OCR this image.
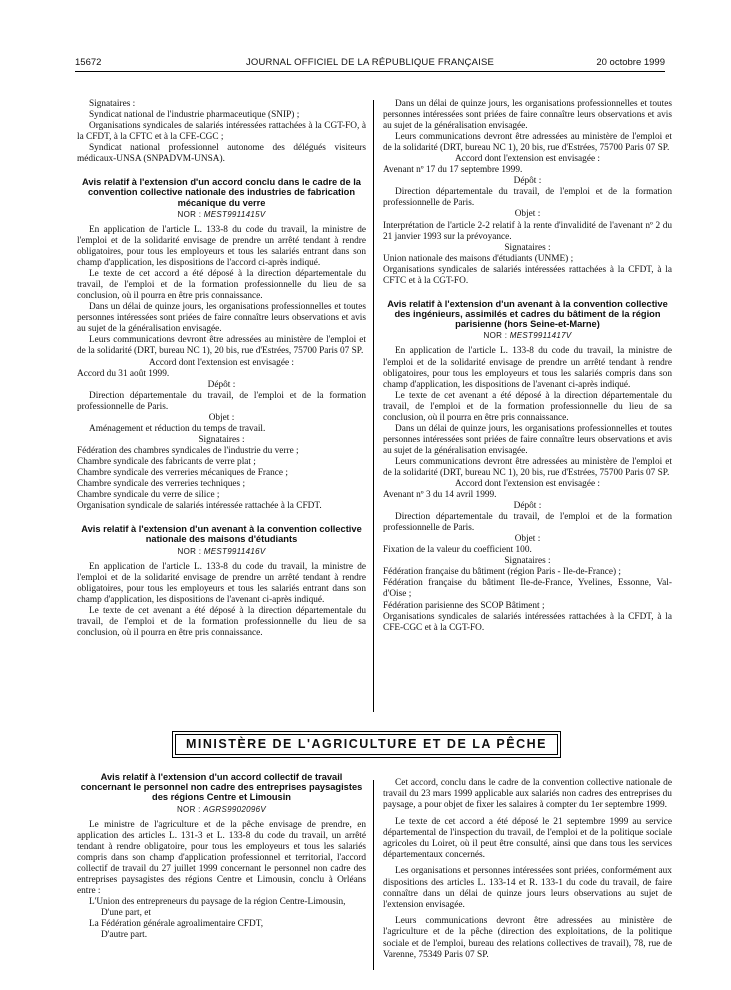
JOURNAL OFFICIEL DE LA RÉPUBLIQUE FRANÇAISE
15672	20 octobre 1999

Signataires :

Syndicat national de l'industrie pharmaceutique (SNIP) ;

Organisations syndicales de salariés intéressées rattachées à la CGT-FO, à la CFDT, à la CFTC et à la CFE-CGC ;

Syndicat national professionnel autonome des délégués visiteurs médicaux-UNSA (SNPADVM-UNSA).

Avis relatif à l'extension d'un accord conclu dans le cadre de la convention collective nationale des industries de fabrication mécanique du verre

NOR : MEST9911415V

En application de l'article L. 133-8 du code du travail, la ministre de l'emploi et de la solidarité envisage de prendre un arrêté tendant à rendre obligatoires, pour tous les employeurs et tous les salariés entrant dans son champ d'application, les dispositions de l'accord ci-après indiqué.

Le texte de cet accord a été déposé à la direction départementale du travail, de l'emploi et de la formation professionnelle du lieu de sa conclusion, où il pourra en être pris connaissance.

Dans un délai de quinze jours, les organisations professionnelles et toutes personnes intéressées sont priées de faire connaître leurs observations et avis au sujet de la généralisation envisagée.

Leurs communications devront être adressées au ministère de l'emploi et de la solidarité (DRT, bureau NC 1), 20 bis, rue d'Estrées, 75700 Paris 07 SP.

Accord dont l'extension est envisagée :

Accord du 31 août 1999.

Dépôt :

Direction départementale du travail, de l'emploi et de la formation professionnelle de Paris.

Objet :

Aménagement et réduction du temps de travail.

Signataires :

Fédération des chambres syndicales de l'industrie du verre ;

Chambre syndicale des fabricants de verre plat ;

Chambre syndicale des verreries mécaniques de France ;

Chambre syndicale des verreries techniques ;

Chambre syndicale du verre de silice ;

Organisation syndicale de salariés intéressée rattachée à la CFDT.

Avis relatif à l'extension d'un avenant à la convention collective nationale des maisons d'étudiants

NOR : MEST9911416V

En application de l'article L. 133-8 du code du travail, la ministre de l'emploi et de la solidarité envisage de prendre un arrêté tendant à rendre obligatoires, pour tous les employeurs et tous les salariés entrant dans son champ d'application, les dispositions de l'avenant ci-après indiqué.

Le texte de cet avenant a été déposé à la direction départementale du travail, de l'emploi et de la formation professionnelle du lieu de sa conclusion, où il pourra en être pris connaissance.

Dans un délai de quinze jours, les organisations professionnelles et toutes personnes intéressées sont priées de faire connaître leurs observations et avis au sujet de la généralisation envisagée.

Leurs communications devront être adressées au ministère de l'emploi et de la solidarité (DRT, bureau NC 1), 20 bis, rue d'Estrées, 75700 Paris 07 SP.

Accord dont l'extension est envisagée :

Avenant nº 17 du 17 septembre 1999.

Dépôt :

Direction départementale du travail, de l'emploi et de la formation professionnelle de Paris.

Objet :

Interprétation de l'article 2-2 relatif à la rente d'invalidité de l'avenant nº 2 du 21 janvier 1993 sur la prévoyance.

Signataires :

Union nationale des maisons d'étudiants (UNME) ;

Organisations syndicales de salariés intéressées rattachées à la CFDT, à la CFTC et à la CGT-FO.

Avis relatif à l'extension d'un avenant à la convention collective des ingénieurs, assimilés et cadres du bâtiment de la région parisienne (hors Seine-et-Marne)

NOR : MEST9911417V

En application de l'article L. 133-8 du code du travail, la ministre de l'emploi et de la solidarité envisage de prendre un arrêté tendant à rendre obligatoires, pour tous les employeurs et tous les salariés compris dans son champ d'application, les dispositions de l'avenant ci-après indiqué.

Le texte de cet avenant a été déposé à la direction départementale du travail, de l'emploi et de la formation professionnelle du lieu de sa conclusion, où il pourra en être pris connaissance.

Dans un délai de quinze jours, les organisations professionnelles et toutes personnes intéressées sont priées de faire connaître leurs observations et avis au sujet de la généralisation envisagée.

Leurs communications devront être adressées au ministère de l'emploi et de la solidarité (DRT, bureau NC 1), 20 bis, rue d'Estrées, 75700 Paris 07 SP.

Accord dont l'extension est envisagée :

Avenant nº 3 du 14 avril 1999.

Dépôt :

Direction départementale du travail, de l'emploi et de la formation professionnelle de Paris.

Objet :

Fixation de la valeur du coefficient 100.

Signataires :

Fédération française du bâtiment (région Paris - Ile-de-France) ;

Fédération française du bâtiment Ile-de-France, Yvelines, Essonne, Val-d'Oise ;

Fédération parisienne des SCOP Bâtiment ;

Organisations syndicales de salariés intéressées rattachées à la CFDT, à la CFE-CGC et à la CGT-FO.

MINISTÈRE DE L'AGRICULTURE ET DE LA PÊCHE
Avis relatif à l'extension d'un accord collectif de travail concernant le personnel non cadre des entreprises paysagistes des régions Centre et Limousin

NOR : AGRS9902096V

Le ministre de l'agriculture et de la pêche envisage de prendre, en application des articles L. 131-3 et L. 133-8 du code du travail, un arrêté tendant à rendre obligatoire, pour tous les employeurs et tous les salariés compris dans son champ d'application professionnel et territorial, l'accord collectif de travail du 27 juillet 1999 concernant le personnel non cadre des entreprises paysagistes des régions Centre et Limousin, conclu à Orléans entre :

L'Union des entrepreneurs du paysage de la région Centre-Limousin,

D'une part, et

La Fédération générale agroalimentaire CFDT,

D'autre part.

Cet accord, conclu dans le cadre de la convention collective nationale de travail du 23 mars 1999 applicable aux salariés non cadres des entreprises du paysage, a pour objet de fixer les salaires à compter du 1er septembre 1999.

Le texte de cet accord a été déposé le 21 septembre 1999 au service départemental de l'inspection du travail, de l'emploi et de la politique sociale agricoles du Loiret, où il peut être consulté, ainsi que dans tous les services départementaux concernés.

Les organisations et personnes intéressées sont priées, conformément aux dispositions des articles L. 133-14 et R. 133-1 du code du travail, de faire connaître dans un délai de quinze jours leurs observations au sujet de l'extension envisagée.

Leurs communications devront être adressées au ministère de l'agriculture et de la pêche (direction des exploitations, de la politique sociale et de l'emploi, bureau des relations collectives de travail), 78, rue de Varenne, 75349 Paris 07 SP.
